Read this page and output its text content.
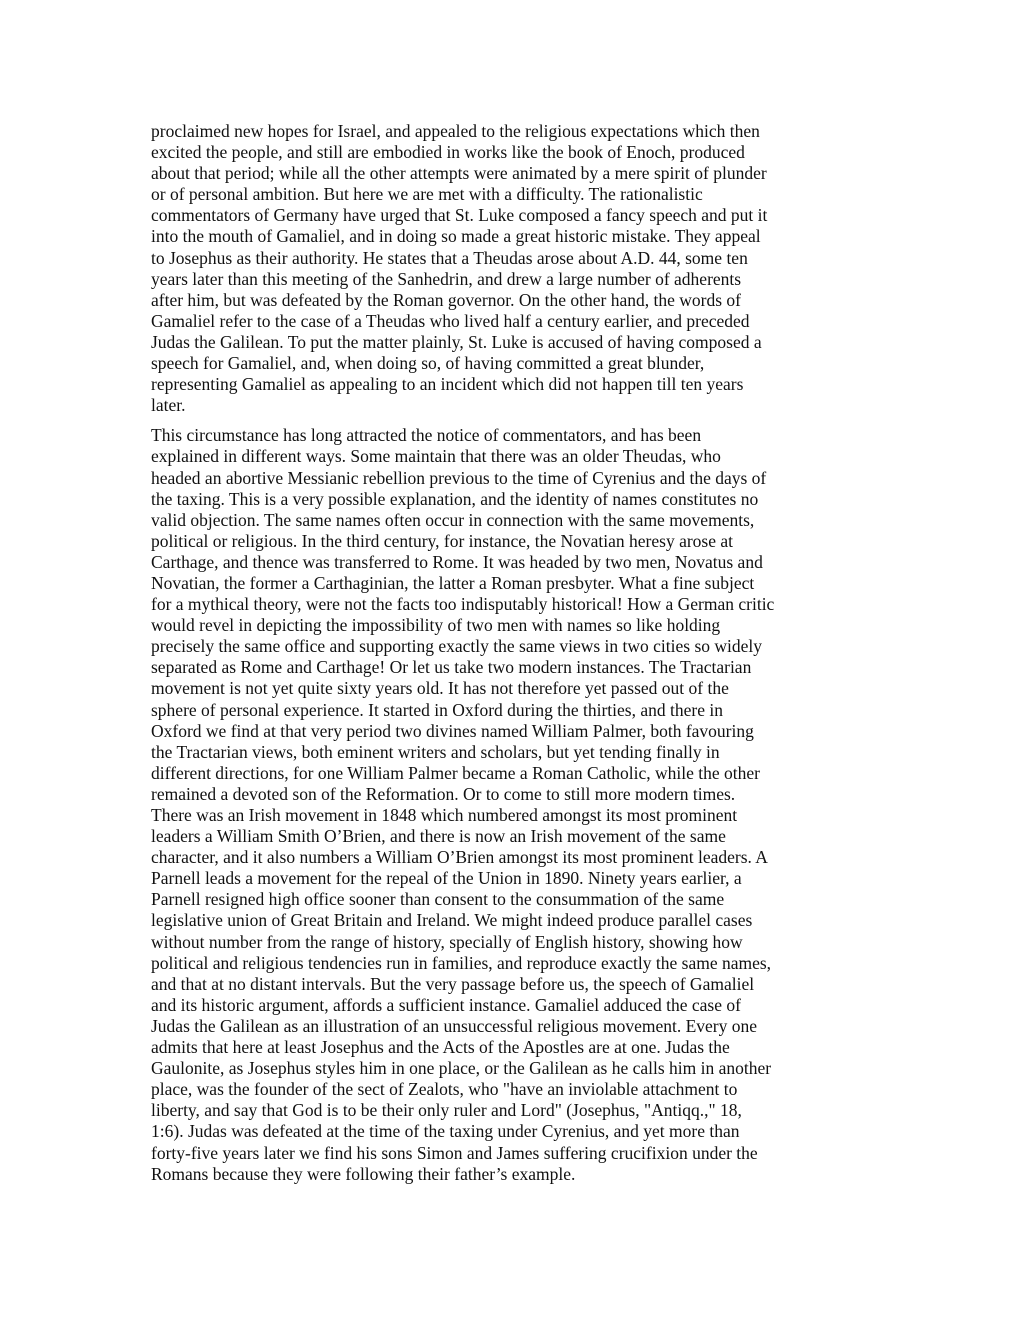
proclaimed new hopes for Israel, and appealed to the religious expectations which then
excited the people, and still are embodied in works like the book of Enoch, produced
about that period; while all the other attempts were animated by a mere spirit of plunder
or of personal ambition. But here we are met with a difficulty. The rationalistic
commentators of Germany have urged that St. Luke composed a fancy speech and put it
into the mouth of Gamaliel, and in doing so made a great historic mistake. They appeal
to Josephus as their authority. He states that a Theudas arose about A.D. 44, some ten
years later than this meeting of the Sanhedrin, and drew a large number of adherents
after him, but was defeated by the Roman governor. On the other hand, the words of
Gamaliel refer to the case of a Theudas who lived half a century earlier, and preceded
Judas the Galilean. To put the matter plainly, St. Luke is accused of having composed a
speech for Gamaliel, and, when doing so, of having committed a great blunder,
representing Gamaliel as appealing to an incident which did not happen till ten years
later.

This circumstance has long attracted the notice of commentators, and has been
explained in different ways. Some maintain that there was an older Theudas, who
headed an abortive Messianic rebellion previous to the time of Cyrenius and the days of
the taxing. This is a very possible explanation, and the identity of names constitutes no
valid objection. The same names often occur in connection with the same movements,
political or religious. In the third century, for instance, the Novatian heresy arose at
Carthage, and thence was transferred to Rome. It was headed by two men, Novatus and
Novatian, the former a Carthaginian, the latter a Roman presbyter. What a fine subject
for a mythical theory, were not the facts too indisputably historical! How a German critic
would revel in depicting the impossibility of two men with names so like holding
precisely the same office and supporting exactly the same views in two cities so widely
separated as Rome and Carthage! Or let us take two modern instances. The Tractarian
movement is not yet quite sixty years old. It has not therefore yet passed out of the
sphere of personal experience. It started in Oxford during the thirties, and there in
Oxford we find at that very period two divines named William Palmer, both favouring
the Tractarian views, both eminent writers and scholars, but yet tending finally in
different directions, for one William Palmer became a Roman Catholic, while the other
remained a devoted son of the Reformation. Or to come to still more modern times.
There was an Irish movement in 1848 which numbered amongst its most prominent
leaders a William Smith O’Brien, and there is now an Irish movement of the same
character, and it also numbers a William O’Brien amongst its most prominent leaders. A
Parnell leads a movement for the repeal of the Union in 1890. Ninety years earlier, a
Parnell resigned high office sooner than consent to the consummation of the same
legislative union of Great Britain and Ireland. We might indeed produce parallel cases
without number from the range of history, specially of English history, showing how
political and religious tendencies run in families, and reproduce exactly the same names,
and that at no distant intervals. But the very passage before us, the speech of Gamaliel
and its historic argument, affords a sufficient instance. Gamaliel adduced the case of
Judas the Galilean as an illustration of an unsuccessful religious movement. Every one
admits that here at least Josephus and the Acts of the Apostles are at one. Judas the
Gaulonite, as Josephus styles him in one place, or the Galilean as he calls him in another
place, was the founder of the sect of Zealots, who "have an inviolable attachment to
liberty, and say that God is to be their only ruler and Lord" (Josephus, "Antiqq.," 18,
1:6). Judas was defeated at the time of the taxing under Cyrenius, and yet more than
forty-five years later we find his sons Simon and James suffering crucifixion under the
Romans because they were following their father’s example.
